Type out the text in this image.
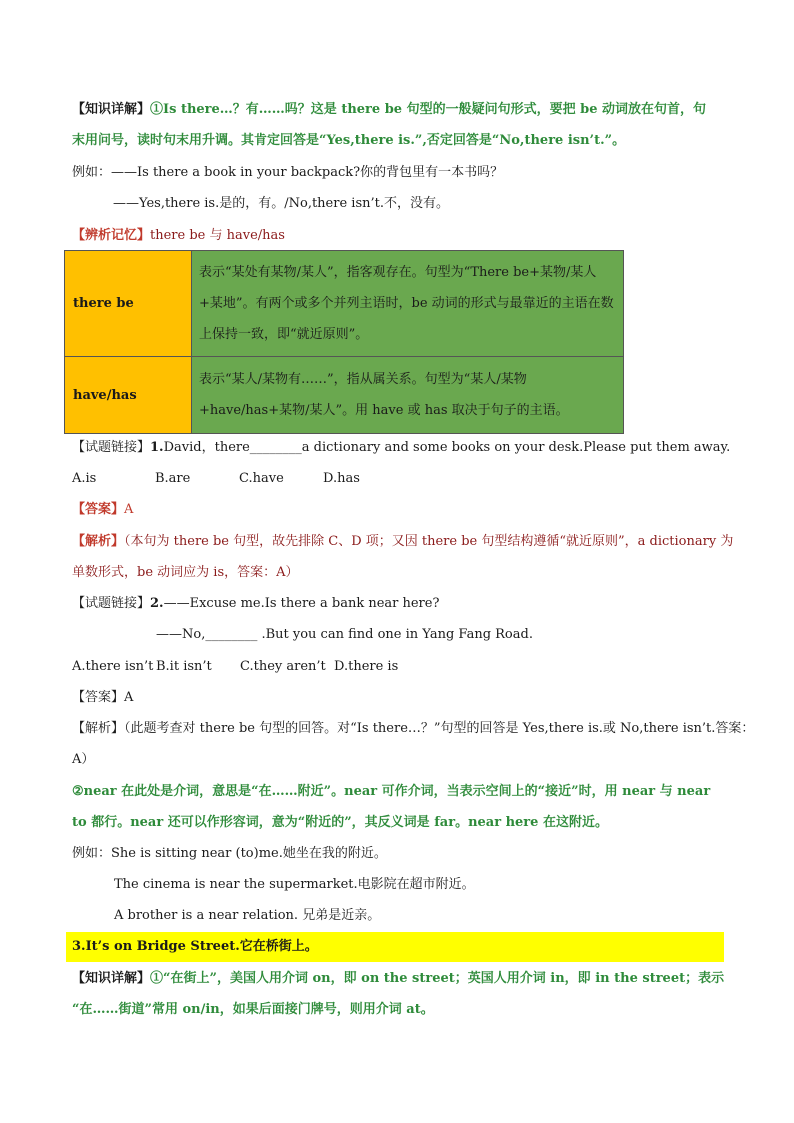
【知识详解】①Is there…？有……吗？这是 there be 句型的一般疑问句形式，要把 be 动词放在句首，句
末用问号，读时句末用升调。其肯定回答是“Yes,there is.”,否定回答是“No,there isn’t.”。
例如：——Is there a book in your backpack?你的背包里有一本书吗？
——Yes,there is.是的，有。/No,there isn’t.不，没有。
【辨析记忆】there be 与 have/has
there be	表示“某处有某物/某人”，指客观存在。句型为“There be+某物/某人+某地”。有两个或多个并列主语时，be 动词的形式与最靠近的主语在数上保持一致，即“就近原则”。
have/has	表示“某人/某物有……”，指从属关系。句型为“某人/某物+have/has+某物/某人”。用 have 或 has 取决于句子的主语。
【试题链接】1.David，there________a dictionary and some books on your desk.Please put them away.
A.is	B.are	C.have	D.has
【答案】A
【解析】（本句为 there be 句型，故先排除 C、D 项；又因 there be 句型结构遵循“就近原则”，a dictionary 为
单数形式，be 动词应为 is，答案：A）
【试题链接】2.——Excuse me.Is there a bank near here?
——No,________ .But you can find one in Yang Fang Road.
A.there isn’t B.it isn’t C.they aren’t D.there is
【答案】A
【解析】（此题考查对 there be 句型的回答。对“Is there…？”句型的回答是 Yes,there is.或 No,there isn’t.答案：
A）
②near 在此处是介词，意思是“在……附近”。near 可作介词，当表示空间上的“接近”时，用 near 与 near
to 都行。near 还可以作形容词，意为“附近的”，其反义词是 far。near here 在这附近。
例如：She is sitting near (to)me.她坐在我的附近。
The cinema is near the supermarket.电影院在超市附近。
A brother is a near relation. 兄弟是近亲。
3.It’s on Bridge Street.它在桥街上。
【知识详解】①“在街上”，美国人用介词 on，即 on the street；英国人用介词 in，即 in the street；表示
“在……街道”常用 on/in，如果后面接门牌号，则用介词 at。
